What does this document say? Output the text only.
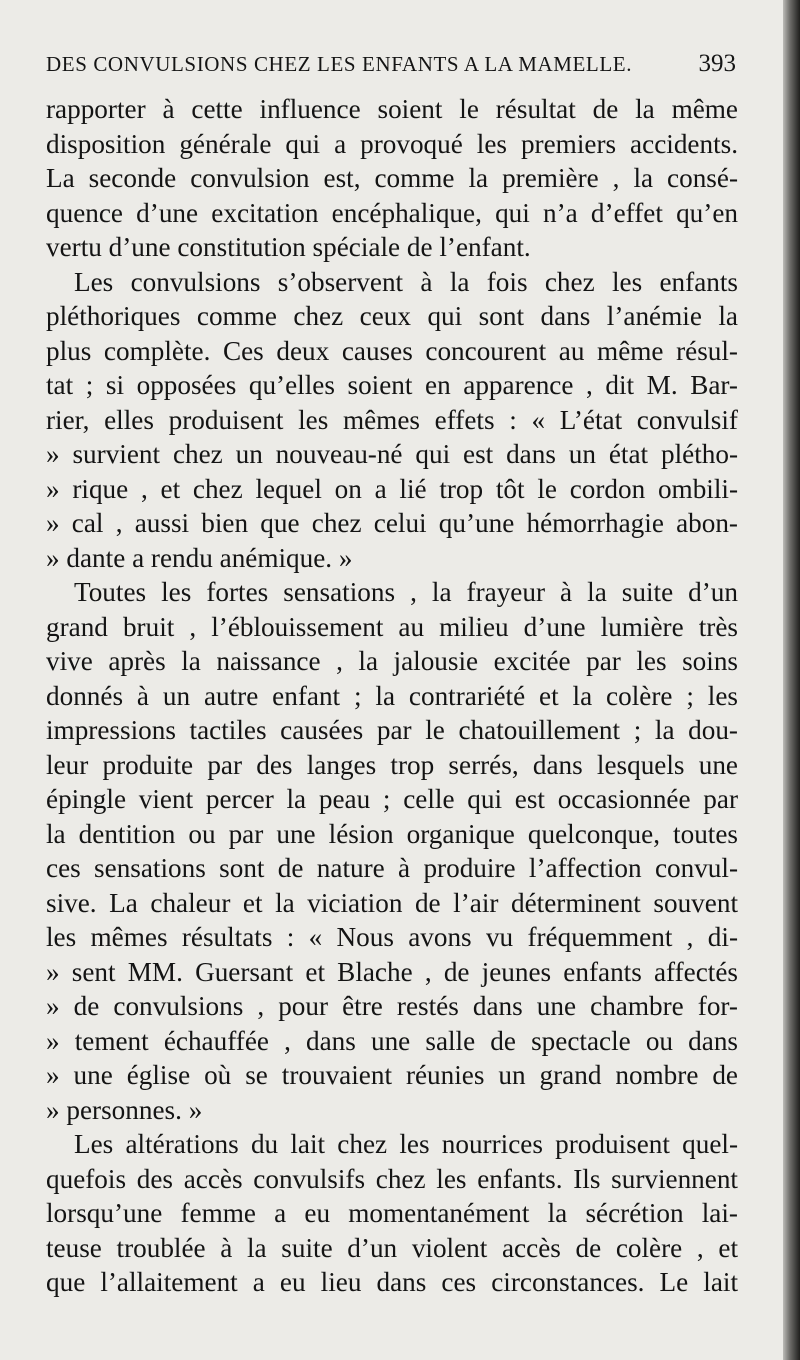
DES CONVULSIONS CHEZ LES ENFANTS A LA MAMELLE.	393
rapporter à cette influence soient le résultat de la même
disposition générale qui a provoqué les premiers accidents.
La seconde convulsion est, comme la première , la consé-
quence d’une excitation encéphalique, qui n’a d’effet qu’en
vertu d’une constitution spéciale de l’enfant.
Les convulsions s’observent à la fois chez les enfants
pléthoriques comme chez ceux qui sont dans l’anémie la
plus complète. Ces deux causes concourent au même résul-
tat ; si opposées qu’elles soient en apparence , dit M. Bar-
rier, elles produisent les mêmes effets : « L’état convulsif
» survient chez un nouveau-né qui est dans un état plétho-
» rique , et chez lequel on a lié trop tôt le cordon ombili-
» cal , aussi bien que chez celui qu’une hémorrhagie abon-
» dante a rendu anémique. »
Toutes les fortes sensations , la frayeur à la suite d’un
grand bruit , l’éblouissement au milieu d’une lumière très
vive après la naissance , la jalousie excitée par les soins
donnés à un autre enfant ; la contrariété et la colère ; les
impressions tactiles causées par le chatouillement ; la dou-
leur produite par des langes trop serrés, dans lesquels une
épingle vient percer la peau ; celle qui est occasionnée par
la dentition ou par une lésion organique quelconque, toutes
ces sensations sont de nature à produire l’affection convul-
sive. La chaleur et la viciation de l’air déterminent souvent
les mêmes résultats : « Nous avons vu fréquemment , di-
» sent MM. Guersant et Blache , de jeunes enfants affectés
» de convulsions , pour être restés dans une chambre for-
» tement échauffée , dans une salle de spectacle ou dans
» une église où se trouvaient réunies un grand nombre de
» personnes. »
Les altérations du lait chez les nourrices produisent quel-
quefois des accès convulsifs chez les enfants. Ils surviennent
lorsqu’une femme a eu momentanément la sécrétion lai-
teuse troublée à la suite d’un violent accès de colère , et
que l’allaitement a eu lieu dans ces circonstances. Le lait
